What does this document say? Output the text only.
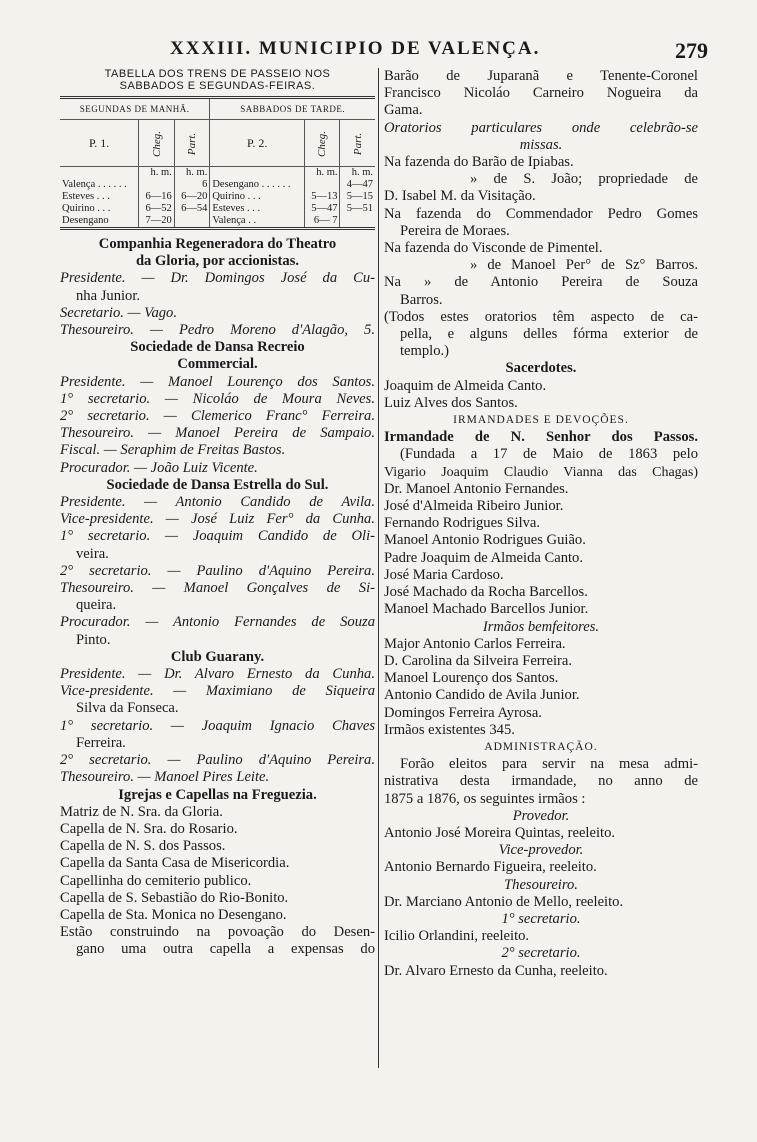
XXXIII. MUNICIPIO DE VALENÇA.	279
TABELLA DOS TRENS DE PASSEIO NOS
SABBADOS E SEGUNDAS-FEIRAS.
SEGUNDAS DE MANHÃ.			SABBADOS DE TARDE.		
P. 1.	Cheg.	Part.	P. 2.	Cheg.	Part.
	h. m.	h. m.		h. m.	h. m.
Valença . . . . . .		6	Desengano . . . . . .		4—47
Esteves . . .	6—16	6—20	Quirino . . .	5—13	5—15
Quirino . . .	6—52	6—54	Esteves . . .	5—47	5—51
Desengano	7—20		Valença . .	6— 7	
Companhia Regeneradora do Theatro
da Gloria, por accionistas.
Presidente. — Dr. Domingos José da Cu-
nha Junior.
Secretario. — Vago.
Thesoureiro. — Pedro Moreno d'Alagão, 5.
Sociedade de Dansa Recreio
Commercial.
Presidente. — Manoel Lourenço dos Santos.
1° secretario. — Nicoláo de Moura Neves.
2° secretario. — Clemerico Franc° Ferreira.
Thesoureiro. — Manoel Pereira de Sampaio.
Fiscal. — Seraphim de Freitas Bastos.
Procurador. — João Luiz Vicente.
Sociedade de Dansa Estrella do Sul.
Presidente. — Antonio Candido de Avila.
Vice-presidente. — José Luiz Fer° da Cunha.
1° secretario. — Joaquim Candido de Oli-
veira.
2° secretario. — Paulino d'Aquino Pereira.
Thesoureiro. — Manoel Gonçalves de Si-
queira.
Procurador. — Antonio Fernandes de Souza
Pinto.
Club Guarany.
Presidente. — Dr. Alvaro Ernesto da Cunha.
Vice-presidente. — Maximiano de Siqueira
Silva da Fonseca.
1° secretario. — Joaquim Ignacio Chaves
Ferreira.
2° secretario. — Paulino d'Aquino Pereira.
Thesoureiro. — Manoel Pires Leite.
Igrejas e Capellas na Freguezia.
Matriz de N. Sra. da Gloria.
Capella de N. Sra. do Rosario.
Capella de N. S. dos Passos.
Capella da Santa Casa de Misericordia.
Capellinha do cemiterio publico.
Capella de S. Sebastião do Rio-Bonito.
Capella de Sta. Monica no Desengano.
Estão construindo na povoação do Desen-
gano uma outra capella a expensas do
Barão de Juparanã e Tenente-Coronel
Francisco Nicoláo Carneiro Nogueira da
Gama.
Oratorios particulares onde celebrão-se
missas.
Na fazenda do Barão de Ipiabas.
» de S. João; propriedade de
D. Isabel M. da Visitação.
Na fazenda do Commendador Pedro Gomes
Pereira de Moraes.
Na fazenda do Visconde de Pimentel.
» de Manoel Per° de Sz° Barros.
Na » de Antonio Pereira de Souza
Barros.
(Todos estes oratorios têm aspecto de ca-
pella, e alguns delles fórma exterior de
templo.)
Sacerdotes.
Joaquim de Almeida Canto.
Luiz Alves dos Santos.
IRMANDADES E DEVOÇÕES.
Irmandade de N. Senhor dos Passos.
(Fundada a 17 de Maio de 1863 pelo
Vigario Joaquim Claudio Vianna das Chagas)
Dr. Manoel Antonio Fernandes.
José d'Almeida Ribeiro Junior.
Fernando Rodrigues Silva.
Manoel Antonio Rodrigues Guião.
Padre Joaquim de Almeida Canto.
José Maria Cardoso.
José Machado da Rocha Barcellos.
Manoel Machado Barcellos Junior.
Irmãos bemfeitores.
Major Antonio Carlos Ferreira.
D. Carolina da Silveira Ferreira.
Manoel Lourenço dos Santos.
Antonio Candido de Avila Junior.
Domingos Ferreira Ayrosa.
Irmãos existentes 345.
ADMINISTRAÇÃO.
Forão eleitos para servir na mesa admi-
nistrativa desta irmandade, no anno de
1875 a 1876, os seguintes irmãos :
Provedor.
Antonio José Moreira Quintas, reeleito.
Vice-provedor.
Antonio Bernardo Figueira, reeleito.
Thesoureiro.
Dr. Marciano Antonio de Mello, reeleito.
1° secretario.
Icilio Orlandini, reeleito.
2° secretario.
Dr. Alvaro Ernesto da Cunha, reeleito.
